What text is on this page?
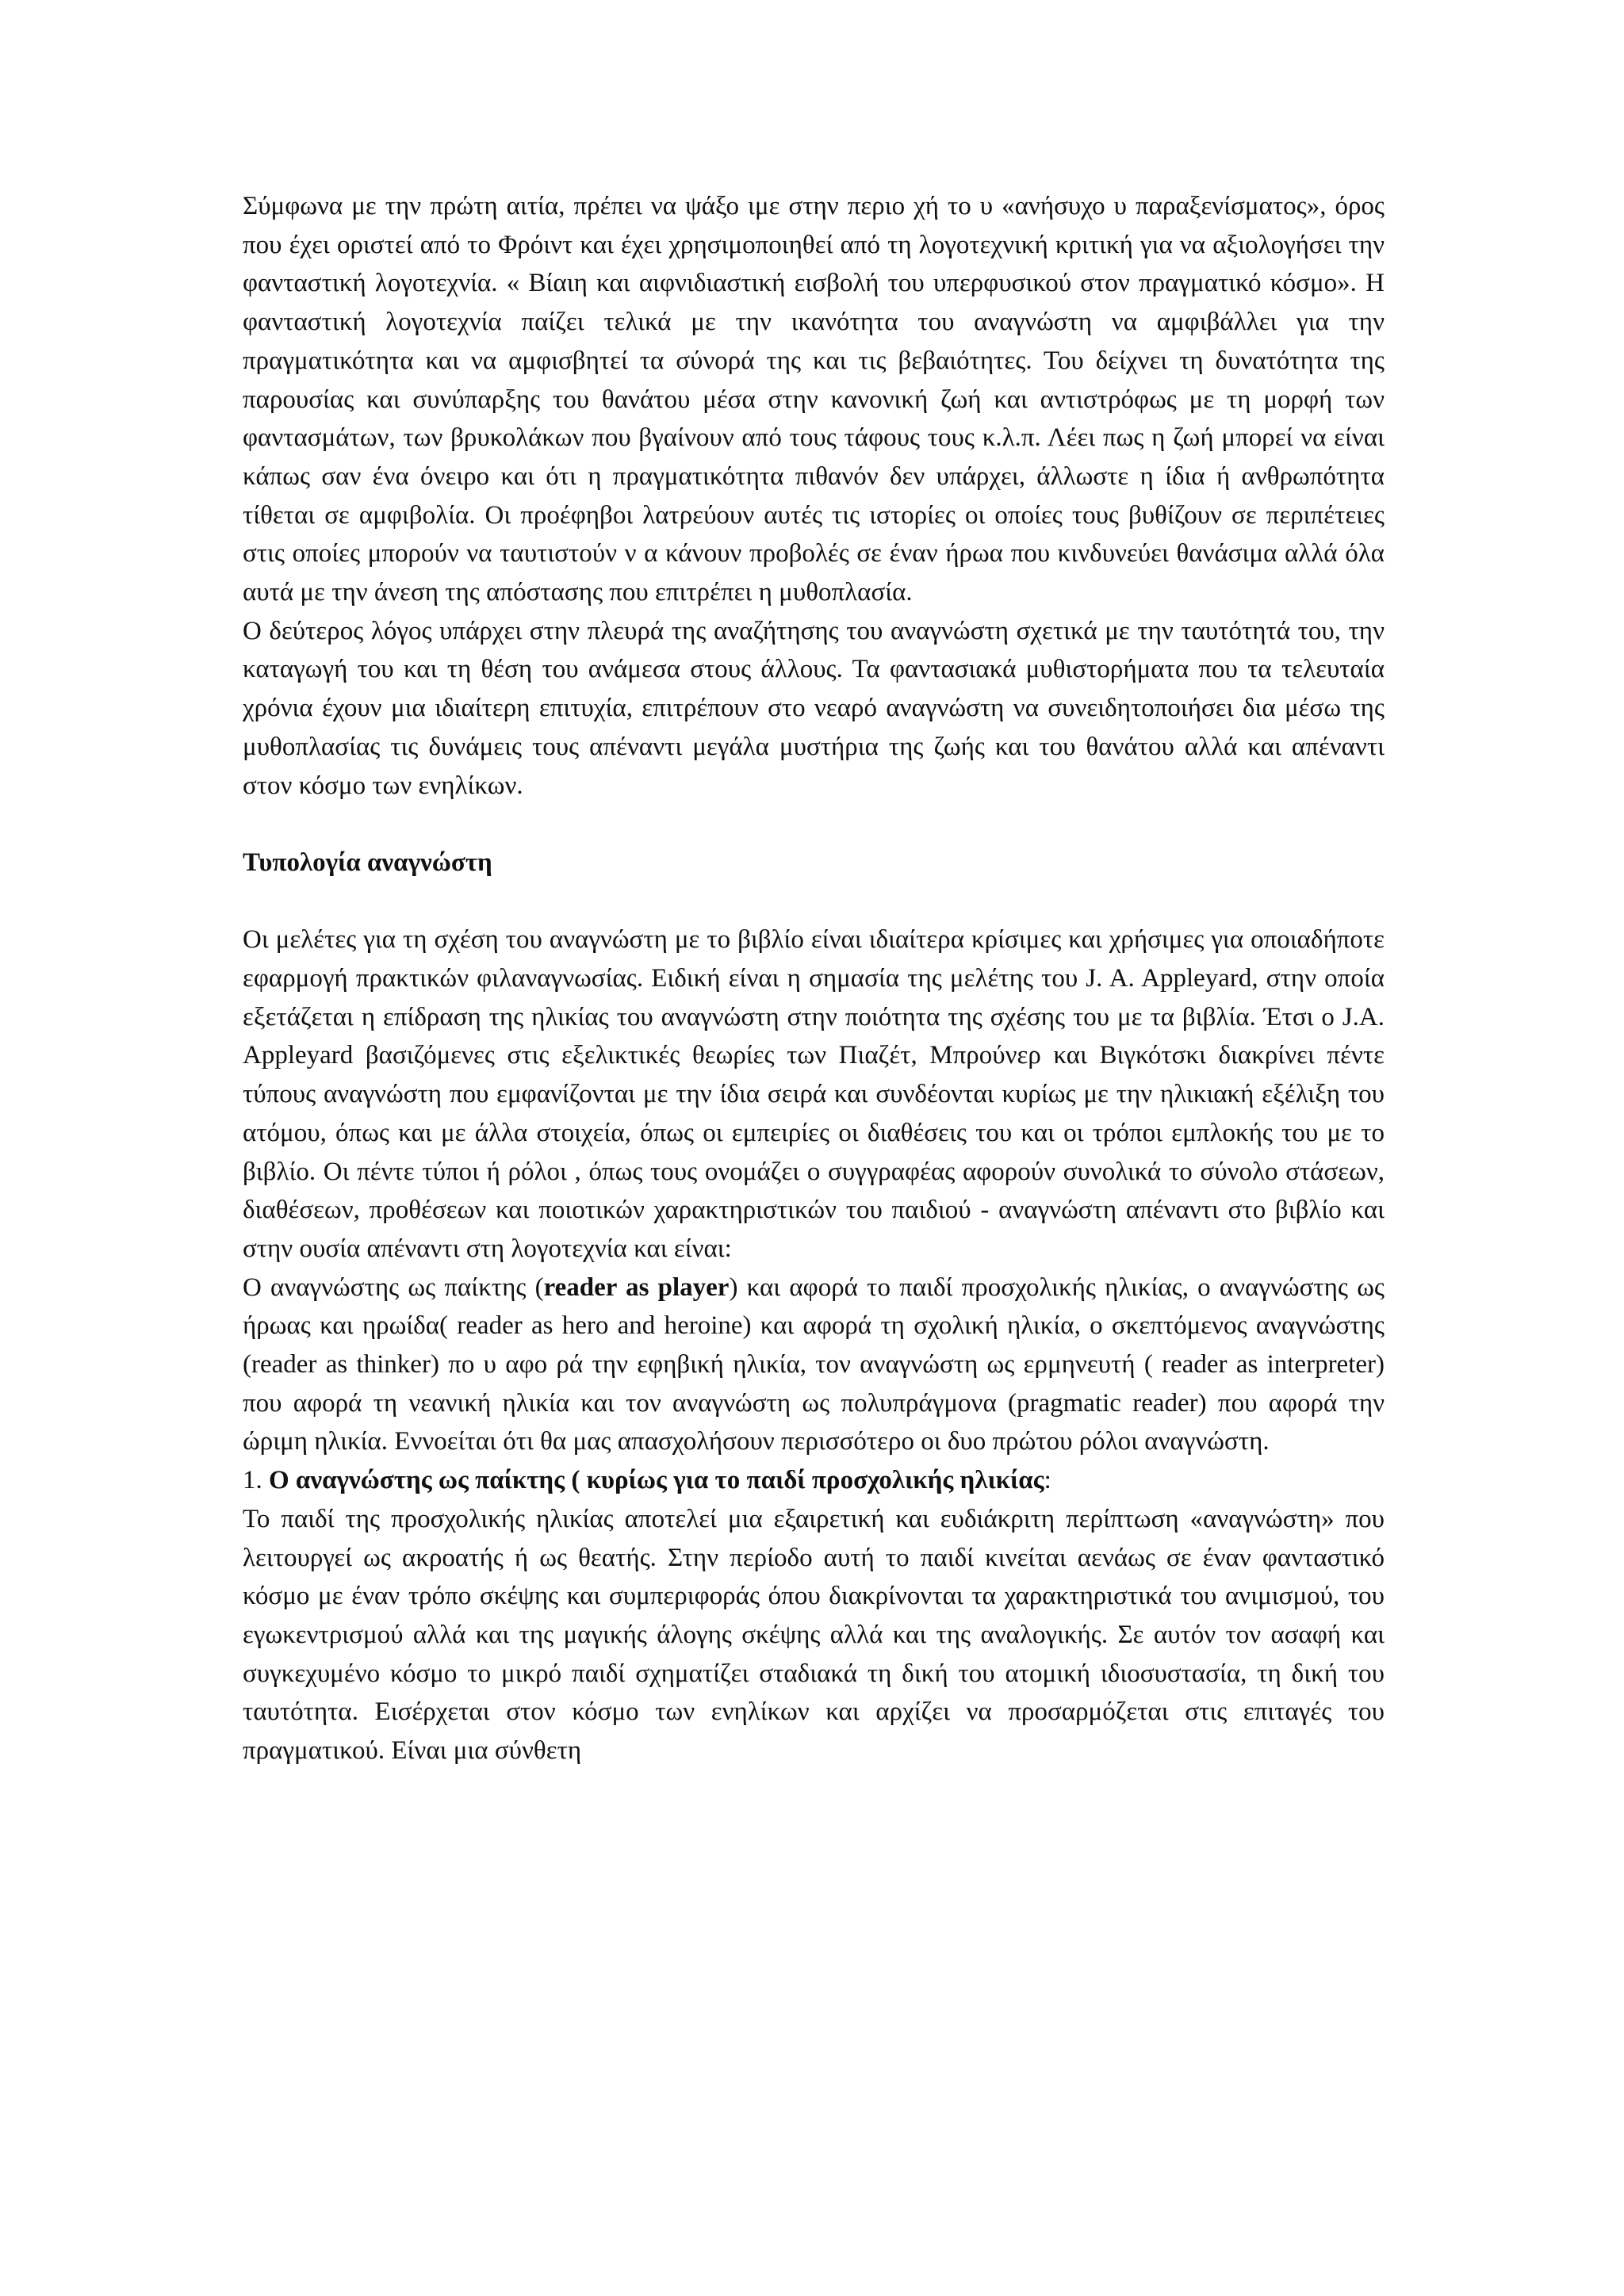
Σύμφωνα με την πρώτη αιτία, πρέπει να ψάξο ιμε στην περιο χή το υ «ανήσυχο υ παραξενίσματος», όρος που έχει οριστεί από το Φρόιντ και έχει χρησιμοποιηθεί από τη λογοτεχνική κριτική για να αξιολογήσει την φανταστική λογοτεχνία. « Βίαιη και αιφνιδιαστική εισβολή του υπερφυσικού στον πραγματικό κόσμο». Η φανταστική λογοτεχνία παίζει τελικά με την ικανότητα του αναγνώστη να αμφιβάλλει για την πραγματικότητα και να αμφισβητεί τα σύνορά της και τις βεβαιότητες. Του δείχνει τη δυνατότητα της παρουσίας και συνύπαρξης του θανάτου μέσα στην κανονική ζωή και αντιστρόφως με τη μορφή των φαντασμάτων, των βρυκολάκων που βγαίνουν από τους τάφους τους κ.λ.π. Λέει πως η ζωή μπορεί να είναι κάπως σαν ένα όνειρο και ότι η πραγματικότητα πιθανόν δεν υπάρχει, άλλωστε η ίδια ή ανθρωπότητα τίθεται σε αμφιβολία. Οι προέφηβοι λατρεύουν αυτές τις ιστορίες οι οποίες τους βυθίζουν σε περιπέτειες στις οποίες μπορούν να ταυτιστούν ν α κάνουν προβολές σε έναν ήρωα που κινδυνεύει θανάσιμα αλλά όλα αυτά με την άνεση της απόστασης που επιτρέπει η μυθοπλασία.

Ο δεύτερος λόγος υπάρχει στην πλευρά της αναζήτησης του αναγνώστη σχετικά με την ταυτότητά του, την καταγωγή του και τη θέση του ανάμεσα στους άλλους. Τα φαντασιακά μυθιστορήματα που τα τελευταία χρόνια έχουν μια ιδιαίτερη επιτυχία, επιτρέπουν στο νεαρό αναγνώστη να συνειδητοποιήσει δια μέσω της μυθοπλασίας τις δυνάμεις τους απέναντι μεγάλα μυστήρια της ζωής και του θανάτου αλλά και απέναντι στον κόσμο των ενηλίκων.

Τυπολογία αναγνώστη

Οι μελέτες για τη σχέση του αναγνώστη με το βιβλίο είναι ιδιαίτερα κρίσιμες και χρήσιμες για οποιαδήποτε εφαρμογή πρακτικών φιλαναγνωσίας. Ειδική είναι η σημασία της μελέτης του J. A. Appleyard, στην οποία εξετάζεται η επίδραση της ηλικίας του αναγνώστη στην ποιότητα της σχέσης του με τα βιβλία. Έτσι ο J.A. Appleyard βασιζόμενες στις εξελικτικές θεωρίες των Πιαζέτ, Μπρούνερ και Βιγκότσκι διακρίνει πέντε τύπους αναγνώστη που εμφανίζονται με την ίδια σειρά και συνδέονται κυρίως με την ηλικιακή εξέλιξη του ατόμου, όπως και με άλλα στοιχεία, όπως οι εμπειρίες οι διαθέσεις του και οι τρόποι εμπλοκής του με το βιβλίο. Οι πέντε τύποι ή ρόλοι , όπως τους ονομάζει ο συγγραφέας αφορούν συνολικά το σύνολο στάσεων, διαθέσεων, προθέσεων και ποιοτικών χαρακτηριστικών του παιδιού - αναγνώστη απέναντι στο βιβλίο και στην ουσία απέναντι στη λογοτεχνία και είναι:

Ο αναγνώστης ως παίκτης (reader as player) και αφορά το παιδί προσχολικής ηλικίας, ο αναγνώστης ως ήρωας και ηρωίδα( reader as hero and heroine) και αφορά τη σχολική ηλικία, ο σκεπτόμενος αναγνώστης (reader as thinker) πο υ αφο ρά την εφηβική ηλικία, τον αναγνώστη ως ερμηνευτή ( reader as interpreter) που αφορά τη νεανική ηλικία και τον αναγνώστη ως πολυπράγμονα (pragmatic reader) που αφορά την ώριμη ηλικία. Εννοείται ότι θα μας απασχολήσουν περισσότερο οι δυο πρώτου ρόλοι αναγνώστη.

1. Ο αναγνώστης ως παίκτης ( κυρίως για το παιδί προσχολικής ηλικίας:

Το παιδί της προσχολικής ηλικίας αποτελεί μια εξαιρετική και ευδιάκριτη περίπτωση «αναγνώστη» που λειτουργεί ως ακροατής ή ως θεατής. Στην περίοδο αυτή το παιδί κινείται αενάως σε έναν φανταστικό κόσμο με έναν τρόπο σκέψης και συμπεριφοράς όπου διακρίνονται τα χαρακτηριστικά του ανιμισμού, του εγωκεντρισμού αλλά και της μαγικής άλογης σκέψης αλλά και της αναλογικής. Σε αυτόν τον ασαφή και συγκεχυμένο κόσμο το μικρό παιδί σχηματίζει σταδιακά τη δική του ατομική ιδιοσυστασία, τη δική του ταυτότητα. Εισέρχεται στον κόσμο των ενηλίκων και αρχίζει να προσαρμόζεται στις επιταγές του πραγματικού. Είναι μια σύνθετη
